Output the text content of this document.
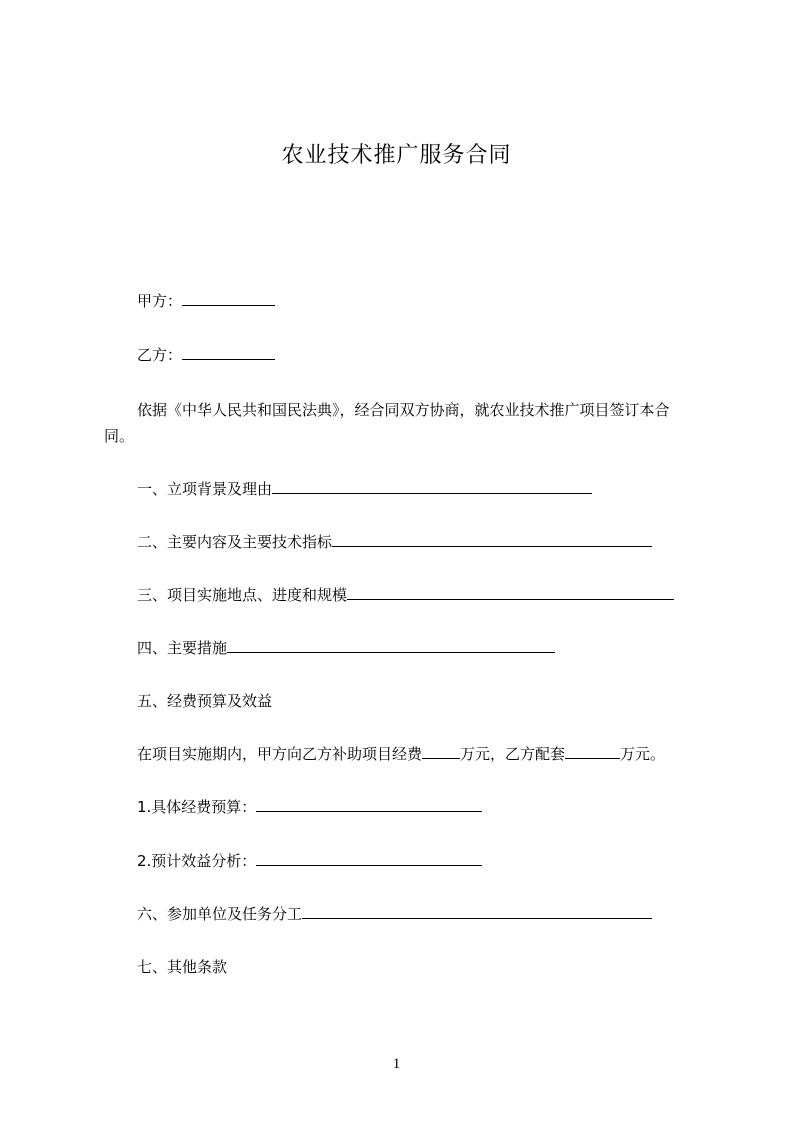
农业技术推广服务合同
甲方：
乙方：
依据《中华人民共和国民法典》，经合同双方协商，就农业技术推广项目签订本合同。
一、立项背景及理由
二、主要内容及主要技术指标
三、项目实施地点、进度和规模
四、主要措施
五、经费预算及效益
在项目实施期内，甲方向乙方补助项目经费	万元，乙方配套	万元。
1.具体经费预算：
2.预计效益分析：
六、参加单位及任务分工
七、其他条款
1
